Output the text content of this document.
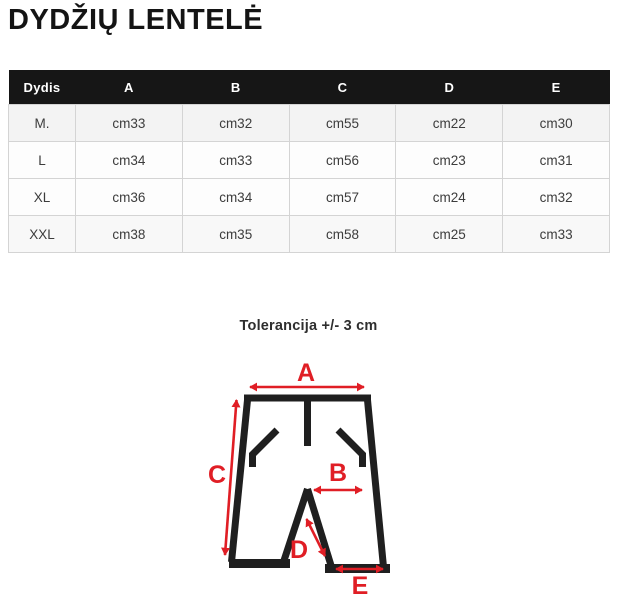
DYDŽIŲ LENTELĖ
Dydis	A	B	C	D	E
M.	cm33	cm32	cm55	cm22	cm30
L	cm34	cm33	cm56	cm23	cm31
XL	cm36	cm34	cm57	cm24	cm32
XXL	cm38	cm35	cm58	cm25	cm33
Tolerancija +/- 3 cm
A
C	B
D
E
